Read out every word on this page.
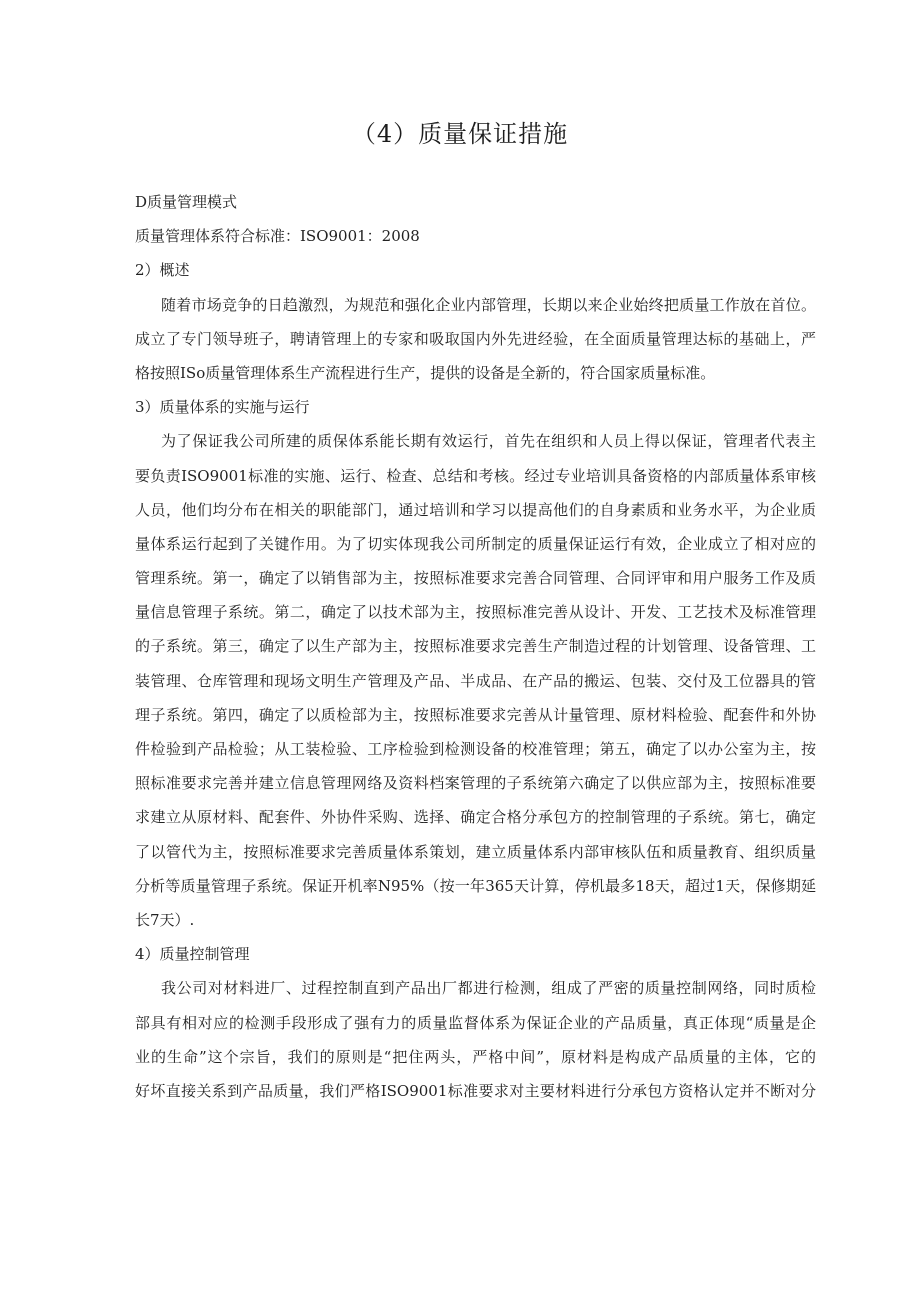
（4）质量保证措施
D质量管理模式
质量管理体系符合标准：ISO9001：2008
2）概述
随着市场竞争的日趋激烈，为规范和强化企业内部管理，长期以来企业始终把质量工作放在首位。
成立了专门领导班子，聘请管理上的专家和吸取国内外先进经验，在全面质量管理达标的基础上，严
格按照ISo质量管理体系生产流程进行生产，提供的设备是全新的，符合国家质量标准。
3）质量体系的实施与运行
为了保证我公司所建的质保体系能长期有效运行，首先在组织和人员上得以保证，管理者代表主
要负责ISO9001标准的实施、运行、检查、总结和考核。经过专业培训具备资格的内部质量体系审核
人员，他们均分布在相关的职能部门，通过培训和学习以提高他们的自身素质和业务水平，为企业质
量体系运行起到了关键作用。为了切实体现我公司所制定的质量保证运行有效，企业成立了相对应的
管理系统。第一，确定了以销售部为主，按照标准要求完善合同管理、合同评审和用户服务工作及质
量信息管理子系统。第二，确定了以技术部为主，按照标准完善从设计、开发、工艺技术及标准管理
的子系统。第三，确定了以生产部为主，按照标准要求完善生产制造过程的计划管理、设备管理、工
装管理、仓库管理和现场文明生产管理及产品、半成品、在产品的搬运、包装、交付及工位器具的管
理子系统。第四，确定了以质检部为主，按照标准要求完善从计量管理、原材料检验、配套件和外协
件检验到产品检验；从工装检验、工序检验到检测设备的校准管理；第五，确定了以办公室为主，按
照标准要求完善并建立信息管理网络及资料档案管理的子系统第六确定了以供应部为主，按照标准要
求建立从原材料、配套件、外协件采购、选择、确定合格分承包方的控制管理的子系统。第七，确定
了以管代为主，按照标准要求完善质量体系策划，建立质量体系内部审核队伍和质量教育、组织质量
分析等质量管理子系统。保证开机率N95%（按一年365天计算，停机最多18天，超过1天，保修期延
长7天）.
4）质量控制管理
我公司对材料进厂、过程控制直到产品出厂都进行检测，组成了严密的质量控制网络，同时质检
部具有相对应的检测手段形成了强有力的质量监督体系为保证企业的产品质量，真正体现“质量是企
业的生命”这个宗旨，我们的原则是“把住两头，严格中间”，原材料是构成产品质量的主体，它的
好坏直接关系到产品质量，我们严格ISO9001标准要求对主要材料进行分承包方资格认定并不断对分
